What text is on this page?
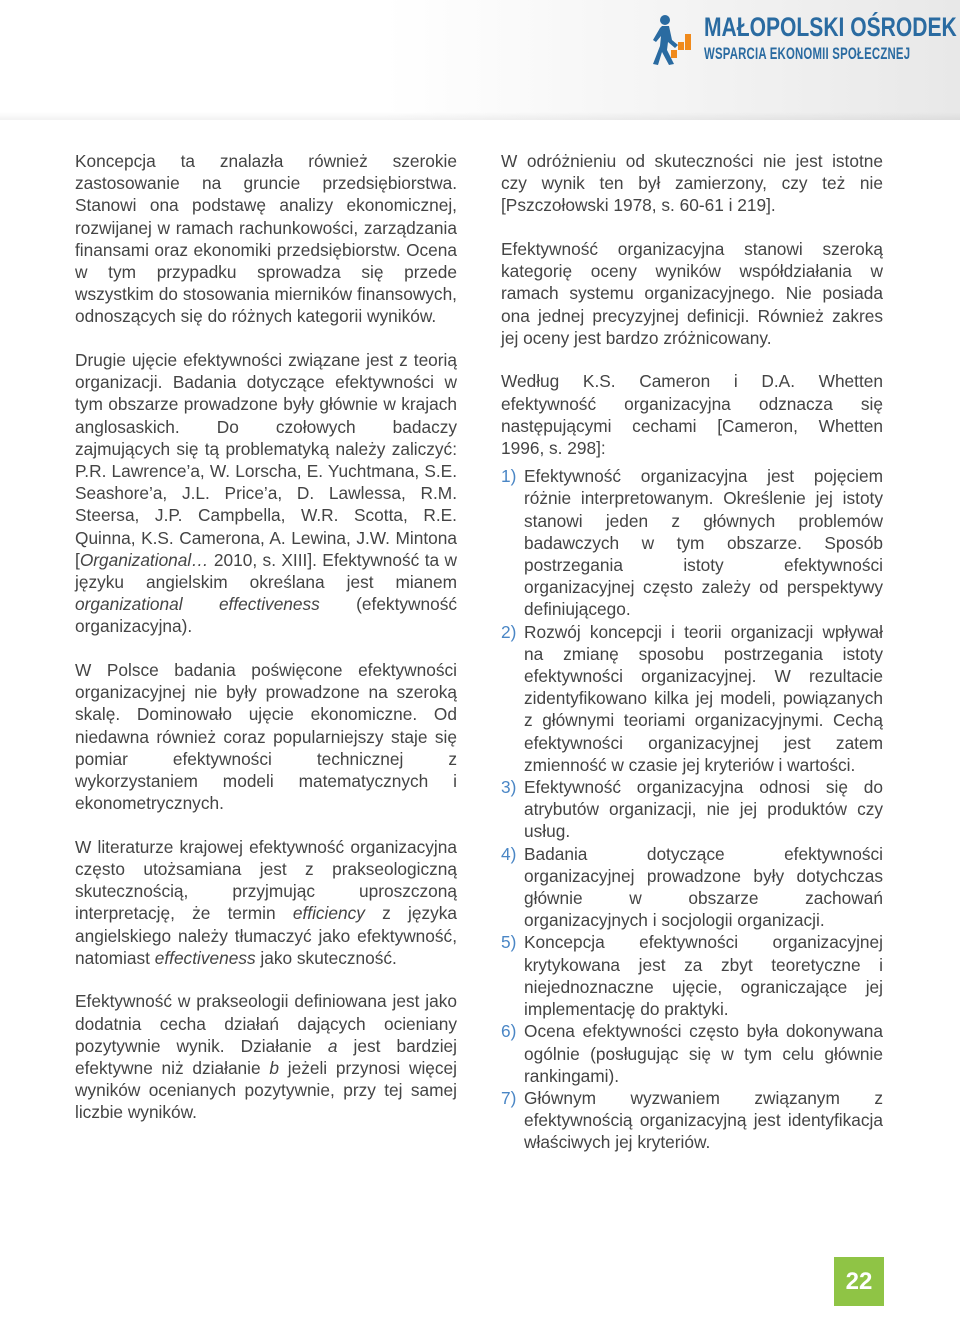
MAŁOPOLSKI OŚRODEK
WSPARCIA EKONOMII SPOŁECZNEJ

Koncepcja ta znalazła również szerokie zastosowanie na gruncie przedsiębiorstwa. Stanowi ona podstawę analizy ekonomicznej, rozwijanej w ramach rachunkowości, zarządzania finansami oraz ekonomiki przedsiębiorstw. Ocena w tym przypadku sprowadza się przede wszystkim do stosowania mierników finansowych, odnoszących się do różnych kategorii wyników.

Drugie ujęcie efektywności związane jest z teorią organizacji. Badania dotyczące efektywności w tym obszarze prowadzone były głównie w krajach anglosaskich. Do czołowych badaczy zajmujących się tą problematyką należy zaliczyć: P.R. Lawrence’a, W. Lorscha, E. Yuchtmana, S.E. Seashore’a, J.L. Price’a, D. Lawlessa, R.M. Steersa, J.P. Campbella, W.R. Scotta, R.E. Quinna, K.S. Camerona, A. Lewina, J.W. Mintona [Organizational… 2010, s. XIII]. Efektywność ta w języku angielskim określana jest mianem organizational effectiveness (efektywność organizacyjna).

W Polsce badania poświęcone efektywności organizacyjnej nie były prowadzone na szeroką skalę. Dominowało ujęcie ekonomiczne. Od niedawna również coraz popularniejszy staje się pomiar efektywności technicznej z wykorzystaniem modeli matematycznych i ekonometrycznych.

W literaturze krajowej efektywność organizacyjna często utożsamiana jest z prakseologiczną skutecznością, przyjmując uproszczoną interpretację, że termin efficiency z języka angielskiego należy tłumaczyć jako efektywność, natomiast effectiveness jako skuteczność.

Efektywność w prakseologii definiowana jest jako dodatnia cecha działań dających ocieniany pozytywnie wynik. Działanie a jest bardziej efektywne niż działanie b jeżeli przynosi więcej wyników ocenianych pozytywnie, przy tej samej liczbie wyników.

W odróżnieniu od skuteczności nie jest istotne czy wynik ten był zamierzony, czy też nie [Pszczołowski 1978, s. 60-61 i 219].

Efektywność organizacyjna stanowi szeroką kategorię oceny wyników współdziałania w ramach systemu organizacyjnego. Nie posiada ona jednej precyzyjnej definicji. Również zakres jej oceny jest bardzo zróżnicowany.

Według K.S. Cameron i D.A. Whetten efektywność organizacyjna odznacza się następującymi cechami [Cameron, Whetten 1996, s. 298]:

1) Efektywność organizacyjna jest pojęciem różnie interpretowanym. Określenie jej istoty stanowi jeden z głównych problemów badawczych w tym obszarze. Sposób postrzegania istoty efektywności organizacyjnej często zależy od perspektywy definiującego.
2) Rozwój koncepcji i teorii organizacji wpływał na zmianę sposobu postrzegania istoty efektywności organizacyjnej. W rezultacie zidentyfikowano kilka jej modeli, powiązanych z głównymi teoriami organizacyjnymi. Cechą efektywności organizacyjnej jest zatem zmienność w czasie jej kryteriów i wartości.
3) Efektywność organizacyjna odnosi się do atrybutów organizacji, nie jej produktów czy usług.
4) Badania dotyczące efektywności organizacyjnej prowadzone były dotychczas głównie w obszarze zachowań organizacyjnych i socjologii organizacji.
5) Koncepcja efektywności organizacyjnej krytykowana jest za zbyt teoretyczne i niejednoznaczne ujęcie, ograniczające jej implementację do praktyki.
6) Ocena efektywności często była dokonywana ogólnie (posługując się w tym celu głównie rankingami).
7) Głównym wyzwaniem związanym z efektywnością organizacyjną jest identyfikacja właściwych jej kryteriów.
22
